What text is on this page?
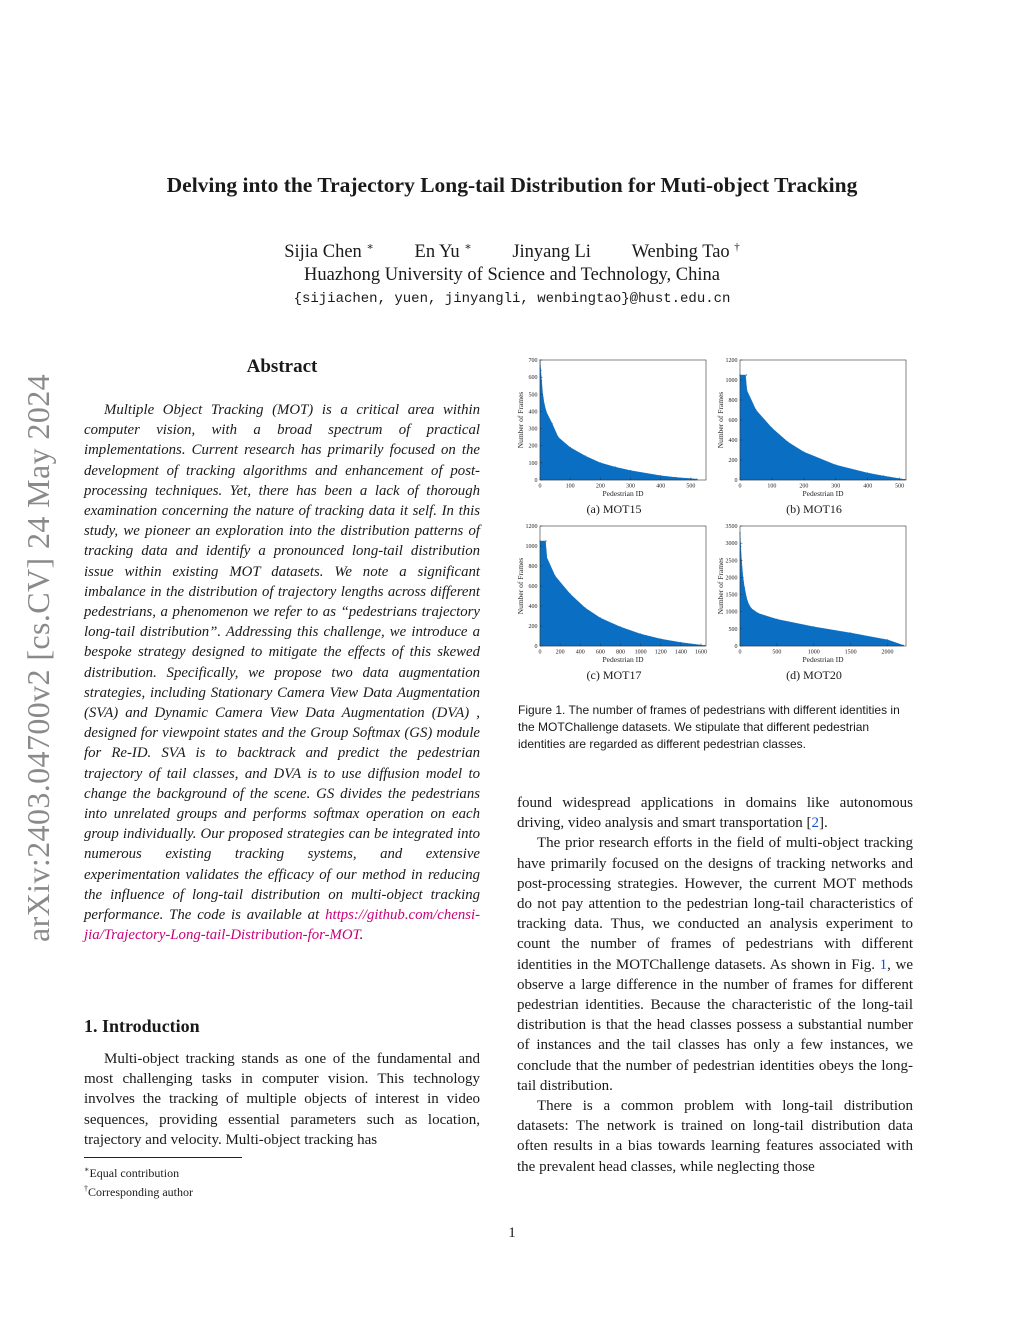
Delving into the Trajectory Long-tail Distribution for Muti-object Tracking
Sijia Chen ∗ En Yu ∗ Jinyang Li Wenbing Tao †
Huazhong University of Science and Technology, China
{sijiachen, yuen, jinyangli, wenbingtao}@hust.edu.cn
arXiv:2403.04700v2 [cs.CV] 24 May 2024
Abstract

Multiple Object Tracking (MOT) is a critical area within computer vision, with a broad spectrum of practical implementations. Current research has primarily focused on the development of tracking algorithms and enhancement of post-processing techniques. Yet, there has been a lack of thorough examination concerning the nature of tracking data it self. In this study, we pioneer an exploration into the distribution patterns of tracking data and identify a pronounced long-tail distribution issue within existing MOT datasets. We note a significant imbalance in the distribution of trajectory lengths across different pedestrians, a phenomenon we refer to as “pedestrians trajectory long-tail distribution”. Addressing this challenge, we introduce a bespoke strategy designed to mitigate the effects of this skewed distribution. Specifically, we propose two data augmentation strategies, including Stationary Camera View Data Augmentation (SVA) and Dynamic Camera View Data Augmentation (DVA) , designed for viewpoint states and the Group Softmax (GS) module for Re-ID. SVA is to backtrack and predict the pedestrian trajectory of tail classes, and DVA is to use diffusion model to change the background of the scene. GS divides the pedestrians into unrelated groups and performs softmax operation on each group individually. Our proposed strategies can be integrated into numerous existing tracking systems, and extensive experimentation validates the efficacy of our method in reducing the influence of long-tail distribution on multi-object tracking performance. The code is available at https://github.com/chensi-jia/Trajectory-Long-tail-Distribution-for-MOT.

1. Introduction

Multi-object tracking stands as one of the fundamental and most challenging tasks in computer vision. This technology involves the tracking of multiple objects of interest in video sequences, providing essential parameters such as location, trajectory and velocity. Multi-object tracking has

∗Equal contribution
†Corresponding author
0	100	200	300	400	500
0
100
200
300
400
500
600
700
Pedestrian ID
Number of Frames
(a) MOT15
0	100	200	300	400	500
0
200
400
600
800
1000
1200
Pedestrian ID
Number of Frames
(b) MOT16
0 200 400 600 800 1000 1200 1400 1600
0
200
400
600
800
1000
1200
Pedestrian ID
Number of Frames
(c) MOT17
0	500	1000	1500	2000
0
500
1000
1500
2000
2500
3000
3500
Pedestrian ID
Number of Frames
(d) MOT20
Figure 1. The number of frames of pedestrians with different identities in the MOTChallenge datasets. We stipulate that different pedestrian identities are regarded as different pedestrian classes.

found widespread applications in domains like autonomous driving, video analysis and smart transportation [2].

The prior research efforts in the field of multi-object tracking have primarily focused on the designs of tracking networks and post-processing strategies. However, the current MOT methods do not pay attention to the pedestrian long-tail characteristics of tracking data. Thus, we conducted an analysis experiment to count the number of frames of pedestrians with different identities in the MOTChallenge datasets. As shown in Fig. 1, we observe a large difference in the number of frames for different pedestrian identities. Because the characteristic of the long-tail distribution is that the head classes possess a substantial number of instances and the tail classes has only a few instances, we conclude that the number of pedestrian identities obeys the long-tail distribution.

There is a common problem with long-tail distribution datasets: The network is trained on long-tail distribution data often results in a bias towards learning features associated with the prevalent head classes, while neglecting those

1
